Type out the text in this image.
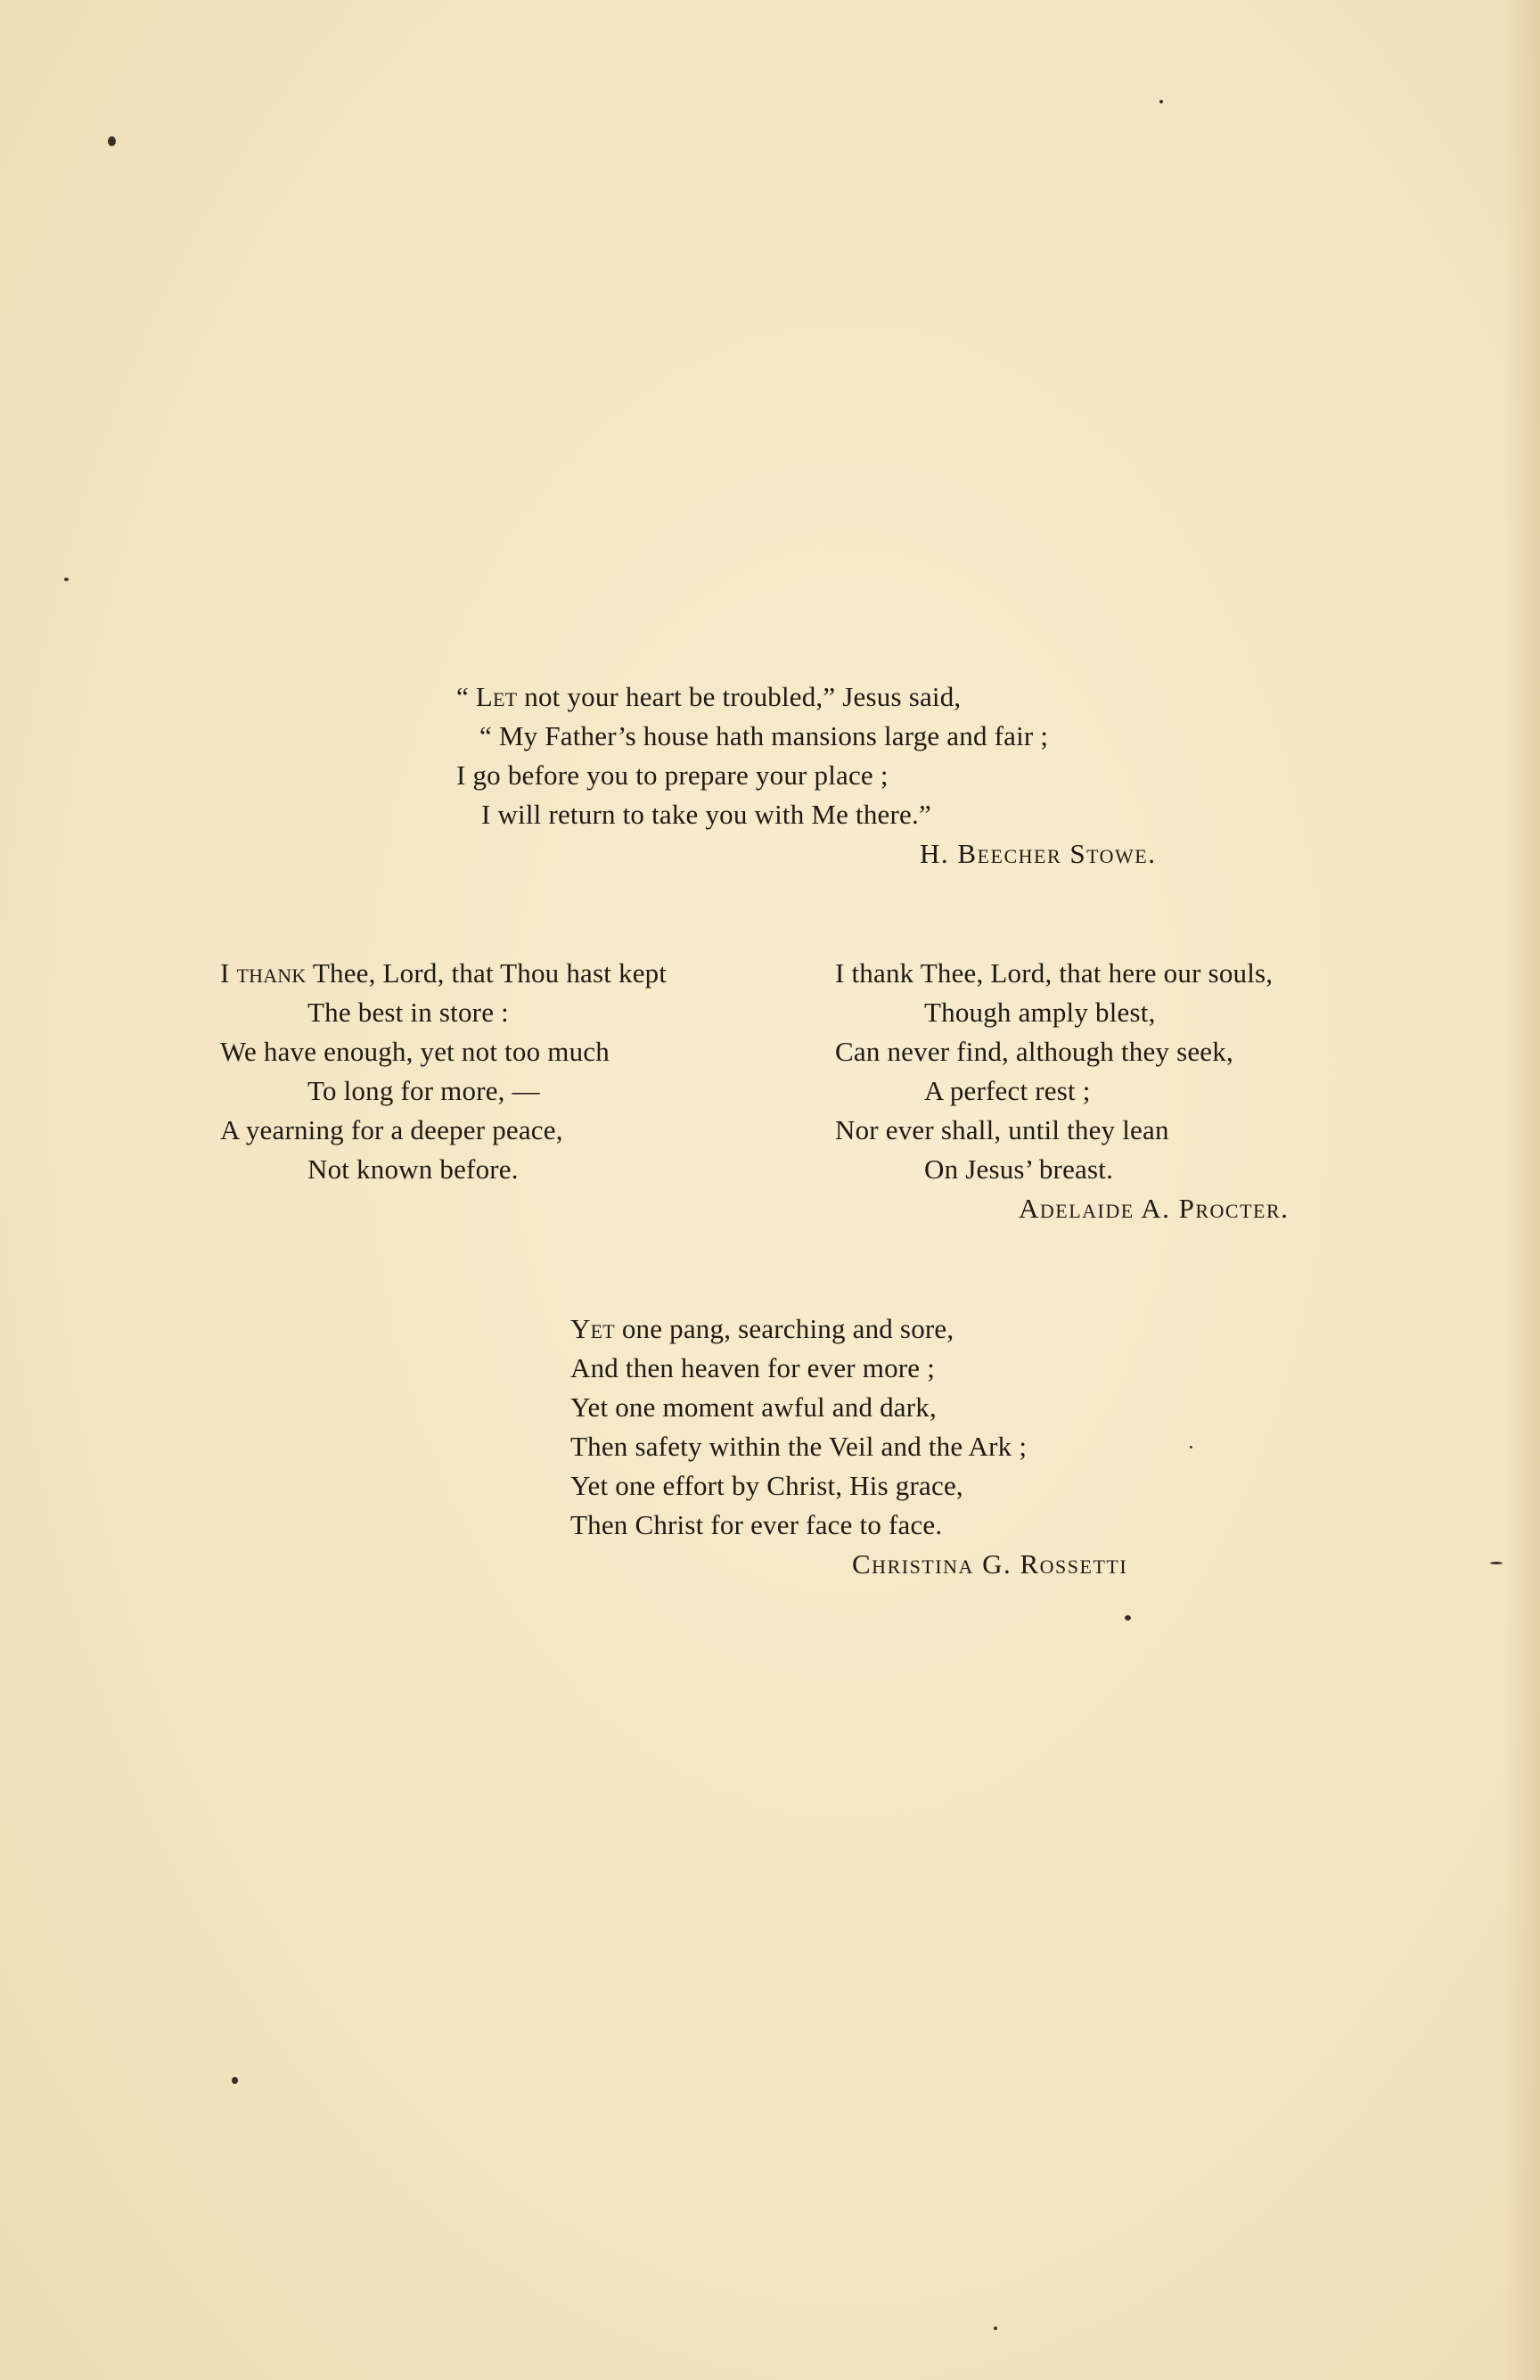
“ Let not your heart be troubled,” Jesus said,
“ My Father’s house hath mansions large and fair ;
I go before you to prepare your place ;
I will return to take you with Me there.”
H. Beecher Stowe.
I thank Thee, Lord, that Thou hast kept
The best in store :
We have enough, yet not too much
To long for more, —
A yearning for a deeper peace,
Not known before.
I thank Thee, Lord, that here our souls,
Though amply blest,
Can never find, although they seek,
A perfect rest ;
Nor ever shall, until they lean
On Jesus’ breast.
Adelaide A. Procter.
Yet one pang, searching and sore,
And then heaven for ever more ;
Yet one moment awful and dark,
Then safety within the Veil and the Ark ;
Yet one effort by Christ, His grace,
Then Christ for ever face to face.
Christina G. Rossetti
